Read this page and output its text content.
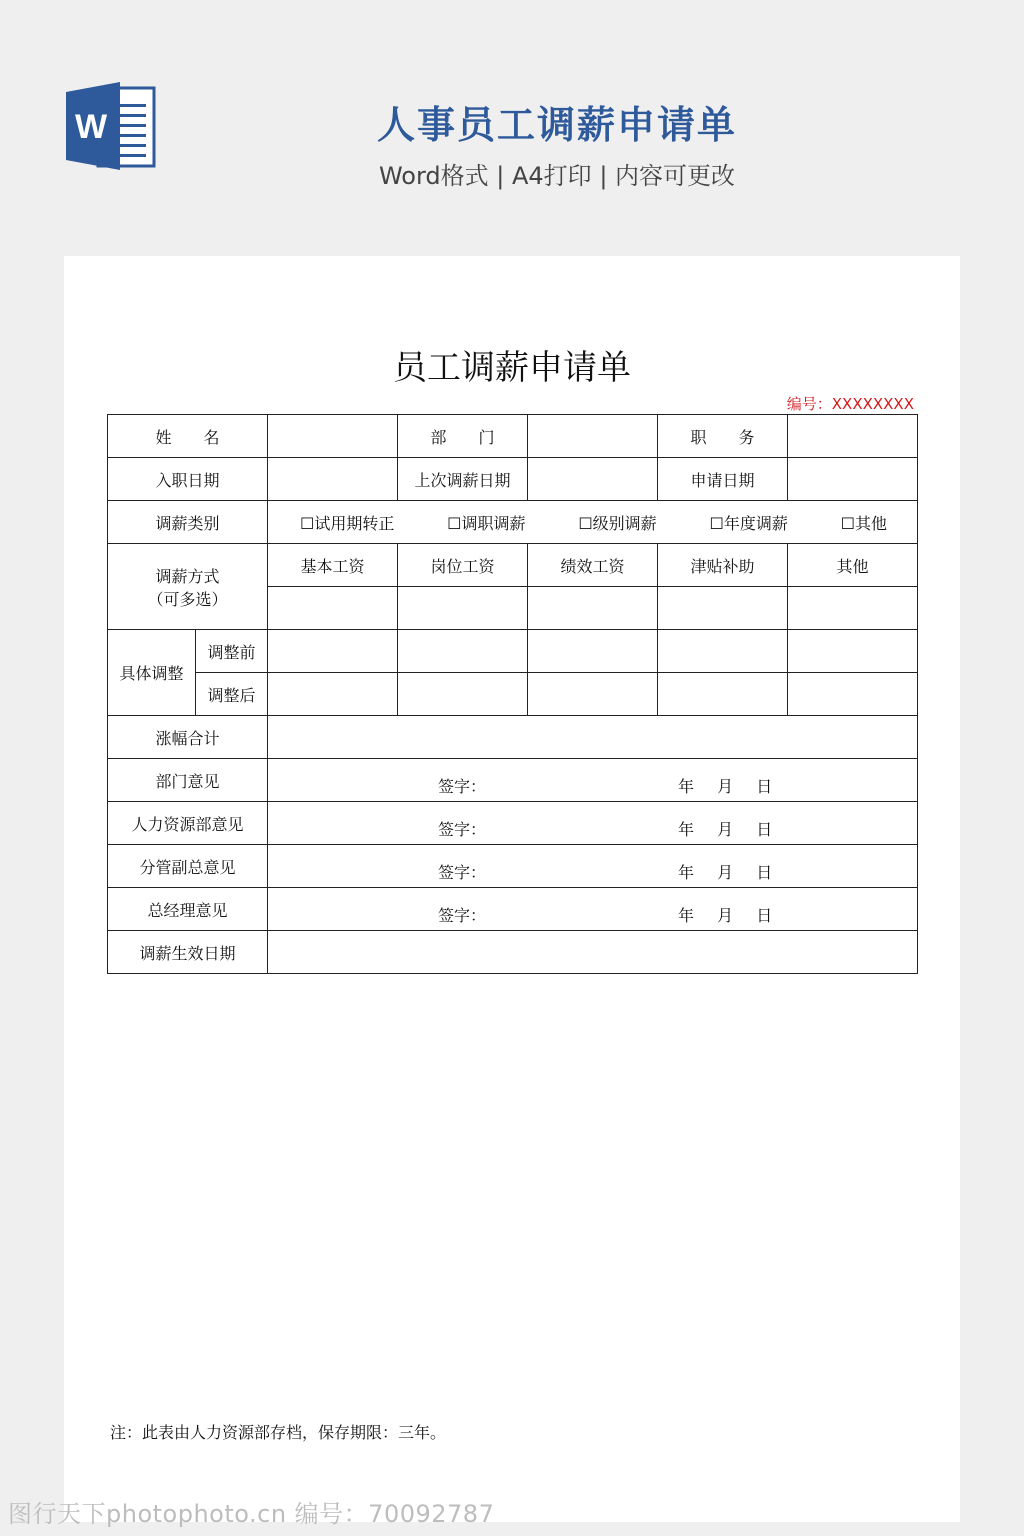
W	人事员工调薪申请单
Word格式 | A4打印 | 内容可更改
员工调薪申请单
编号：XXXXXXXX
姓　　名			部　　门		职　　务	
入职日期			上次调薪日期		申请日期	
调薪类别		☐试用期转正 ☐调职调薪 ☐级别调薪 ☐年度调薪 ☐其他				

调薪方式
（可多选）		基本工资	岗位工资	绩效工资	津贴补助	其他

具体调整	调整前					
	调整后					
涨幅合计						
部门意见		签字： 年 月 日				

人力资源部意见		签字： 年 月 日				

分管副总意见		签字： 年 月 日				

总经理意见		签字： 年 月 日				

调薪生效日期						
注：此表由人力资源部存档，保存期限：三年。
图行天下photophoto.cn 编号：70092787
